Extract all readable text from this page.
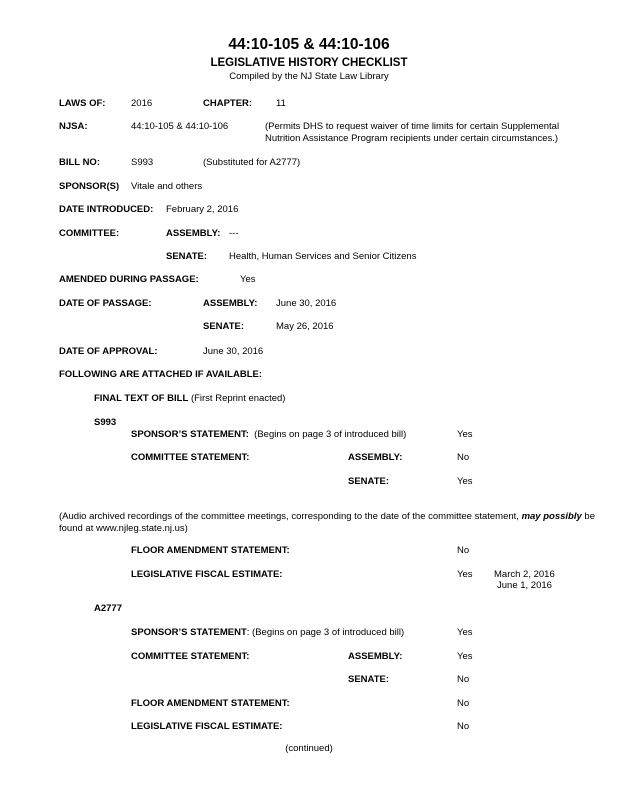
44:10-105 & 44:10-106
LEGISLATIVE HISTORY CHECKLIST
Compiled by the NJ State Law Library
LAWS OF:	2016	CHAPTER:	11
NJSA:	44:10-105 & 44:10-106	(Permits DHS to request waiver of time limits for certain Supplemental Nutrition Assistance Program recipients under certain circumstances.)
BILL NO:	S993	(Substituted for A2777)
SPONSOR(S) Vitale and others
DATE INTRODUCED: February 2, 2016
COMMITTEE:	ASSEMBLY: ---
SENATE: Health, Human Services and Senior Citizens
AMENDED DURING PASSAGE:	Yes
DATE OF PASSAGE:	ASSEMBLY: June 30, 2016
SENATE:	May 26, 2016
DATE OF APPROVAL:	June 30, 2016
FOLLOWING ARE ATTACHED IF AVAILABLE:
FINAL TEXT OF BILL (First Reprint enacted)
S993
SPONSOR’S STATEMENT: (Begins on page 3 of introduced bill)	Yes
COMMITTEE STATEMENT:	ASSEMBLY:	No
SENATE:	Yes
(Audio archived recordings of the committee meetings, corresponding to the date of the committee statement, may possibly be found at www.njleg.state.nj.us)
FLOOR AMENDMENT STATEMENT:	No
LEGISLATIVE FISCAL ESTIMATE:	Yes March 2, 2016
June 1, 2016
A2777
SPONSOR’S STATEMENT: (Begins on page 3 of introduced bill)	Yes
COMMITTEE STATEMENT:	ASSEMBLY:	Yes
SENATE:	No
FLOOR AMENDMENT STATEMENT:	No
LEGISLATIVE FISCAL ESTIMATE:	No
(continued)
